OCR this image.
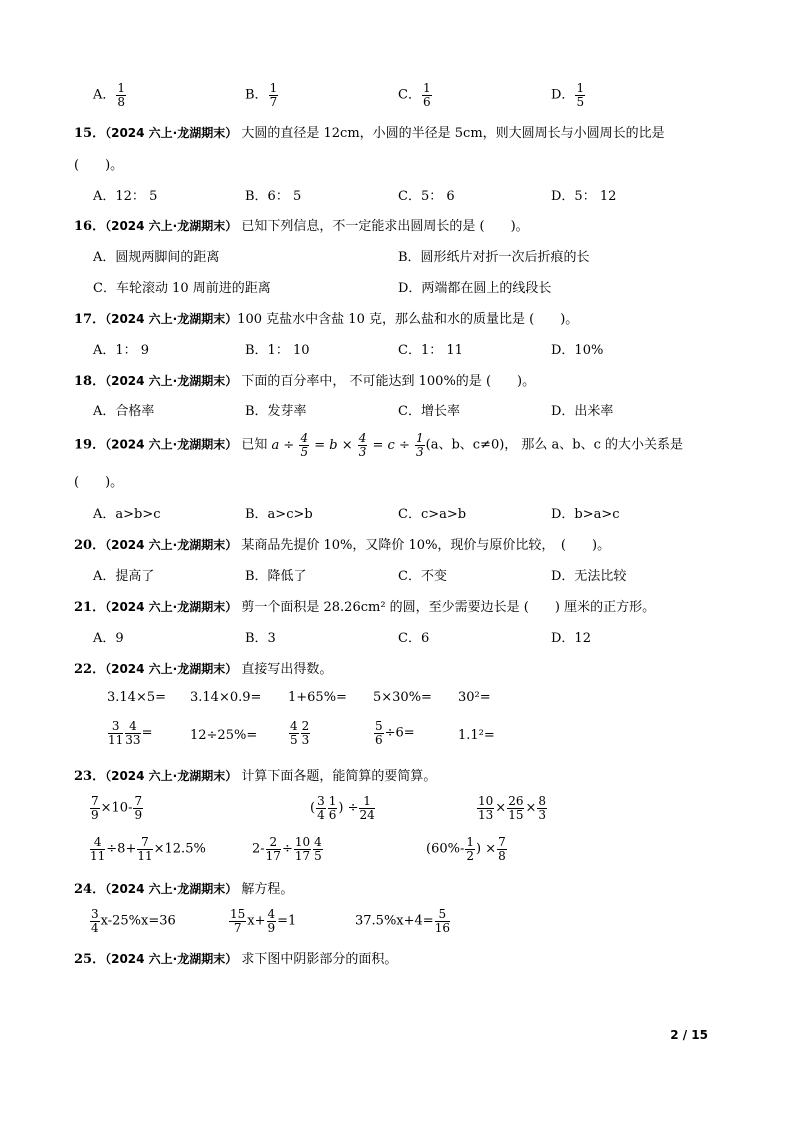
A． $\frac{1}{8}$	B． $\frac{1}{7}$	C． $\frac{1}{6}$	D． $\frac{1}{5}$
15．（2024 六上·龙湖期末） 大圆的直径是 12cm，小圆的半径是 5cm，则大圆周长与小圆周长的比是
(　　)。
A．12： 5	B．6： 5	C．5： 6	D．5： 12
16．（2024 六上·龙湖期末） 已知下列信息，不一定能求出圆周长的是 (　　)。
A．圆规两脚间的距离	B．圆形纸片对折一次后折痕的长
C．车轮滚动 10 周前进的距离	D．两端都在圆上的线段长
17．（2024 六上·龙湖期末）100 克盐水中含盐 10 克，那么盐和水的质量比是 (　　)。
A．1： 9	B．1： 10	C．1： 11	D．10%
18．（2024 六上·龙湖期末） 下面的百分率中， 不可能达到 100%的是 (　　)。
A．合格率	B．发芽率	C．增长率	D．出米率
19．（2024 六上·龙湖期末） 已知 $a \div \frac{4}{5} = b \times \frac{4}{3} = c \div \frac{1}{3} (a$、b、c≠0)， 那么 a、b、c 的大小关系是
(　　)。
A．a>b>c	B．a>c>b	C．c>a>b	D．b>a>c
20．（2024 六上·龙湖期末） 某商品先提价 10%，又降价 10%，现价与原价比较，　(　　)。
A．提高了	B．降低了	C．不变	D．无法比较
21．（2024 六上·龙湖期末） 剪一个面积是 28.26cm² 的圆，至少需要边长是 (　　) 厘米的正方形。
A．9	B．3	C．6	D．12
22．（2024 六上·龙湖期末） 直接写出得数。
3.14×5= 3.14×0.9= 1+65%= 5×30%= 30²=
$\frac{3}{11} \frac{4}{33}$ =	12÷25%=	$\frac{4}{5} \frac{2}{3}$	$\frac{5}{6} \div 6=$	1.1²=
23．（2024 六上·龙湖期末） 计算下面各题，能简算的要简算。
$\frac{7}{9} \times 10- \frac{7}{9}$	( $\frac{3}{4} \frac{1}{6}$ ) ÷ $\frac{1}{24}$	$\frac{10}{13} \times \frac{26}{15} \times \frac{8}{3}$
$\frac{4}{11} \div 8+ \frac{7}{11} \times 12.5\%$	$2- \frac{2}{17} \div \frac{10}{17} \frac{4}{5}$	($60\%- \frac{1}{2}$ ) × $\frac{7}{8}$
24．（2024 六上·龙湖期末） 解方程。
$\frac{3}{4} x-25\%x=36$	$\frac{15}{7} x+ \frac{4}{9} =1$	$37.5\%x+4= \frac{5}{16}$
25．（2024 六上·龙湖期末） 求下图中阴影部分的面积。
2 / 15
